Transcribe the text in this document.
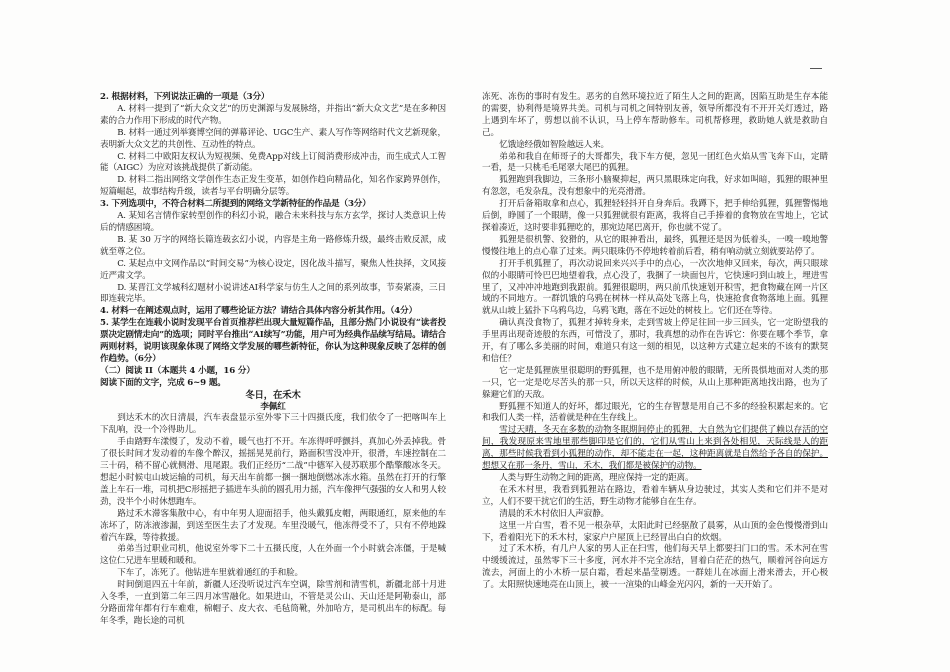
2. 根据材料，下列说法正确的一项是（3分）

A. 材料一提到了“新大众文艺”的历史渊源与发展脉络，并指出“新大众文艺”是在多种因素的合力作用下形成的时代产物。

B. 材料一通过列举赛博空间的弹幕评论、UGC生产、素人写作等网络时代文艺新现象，表明新大众文艺的共创性、互动性的特点。

C. 材料二中欧阳友权认为短视频、免费App对线上订阅消费形成冲击，而生成式人工智能（AIGC）为应对该挑战提供了新动能。

D. 材料二指出网络文学创作生态正发生变革，如创作趋向精品化，知名作家跨界创作，短篇崛起，故事结构升级，读者与平台明确分层等。

3. 下列选项中，不符合材料二所提到的网络文学新特征的作品是（3分）

A. 某知名言情作家转型创作的科幻小说，融合未来科技与东方玄学，探讨人类意识上传后的情感困境。

B. 某 30 万字的网络长篇连载玄幻小说，内容是主角一路修炼升级，最终击败反派，成就至尊之位。

C. 某起点中文网作品以“时间交易”为核心设定，因化战斗描写，聚焦人性抉择，文风接近严肃文学。

D. 某晋江文学城科幻题材小说讲述AI科学家与仿生人之间的系列故事，节奏紧凑，三日即连载完毕。

4. 材料一在阐述观点时，运用了哪些论证方法？请结合具体内容分析其作用。（4分）

5. 某学生在连载小说时发现平台首页推荐栏出现大量短篇作品，且部分热门小说设有“读者投票决定剧情走向”的选项；同时平台推出“AI续写”功能，用户可为经典作品续写结局。请结合两则材料，说明该现象体现了网络文学发展的哪些新特征，你认为这种现象反映了怎样的创作趋势。（6分）

（二）阅读 II（本题共 4 小题，16 分）

阅读下面的文字，完成 6~9 题。

冬日，在禾木

李佩红

到达禾木的次日清晨，汽车表盘显示室外零下三十四摄氏度，我们依令了一把喀叫车上下乱响，没一个冷得助儿。

手由踏野车漾慢了，发动不着，暖气也打不开。车冻得呼呼颤抖，真加心外丢掉我。骨了很长时间才发动着的车像个醉汉，摇摇晃晃前行，路面积雪没冲开，很滑，车速控制在二三十码，稍不留心就侧滑、甩尾跟。我们正经历“二战”中德军入侵苏联那个酷擎酸冰冬天。想起小时候屯山坡运输的司机，每天出车前都一捆一捆地倒燃冰冻水箱。虽然在打开的行擎盖上车石一堆，司机把C形摇把子插进车头前的圆孔用力摇，汽车像押气强强的女人和男人较劲，没半个小时休想跑车。

路过禾木滞客集散中心，有中年男人迎面招手，他头戴狐皮帽，两眼通红，原来他的车冻坏了，防冻液渗漏，到送至医生去了才发现。车里没暖气，他冻得受不了，只有不停地跺着汽车跺，等待救援。

弟弟当过职业司机，他说室外零下二十五摄氏度，人在外面一个小时就会冻僵，于是喊这位仁兄进车里暖和暖和。

下车了，冻死了。他钻进车里就着通红的手和脸。

时间倒退四五十年前，新疆人还没听说过汽车空调，除雪剂和清雪机，新疆北部十月进入冬季，一直到第二年三四月冰雪融化。如果进山，不管是灵公山、天山还是阿勒泰山，部分路面常年都有行车难难，棉帽子、皮大衣、毛毡筒靴，外加哈方，是司机出车的标配。每年冬季，跑长途的司机

冻死、冻伤的事时有发生。恶劣的自然环境拉近了陌生人之间的距离，因陷互助是生存本能的需要，协利得是境界共美。司机与司机之间特别友善，领导所都没有不开开关灯透过，路上遇到车坏了，剪想以前不认识，马上停车帮助修车。司机帮修理，救助她人就是救助自己。

忆饿途经俄如智险越远人来。

弟弟和我自在师哥子的大哥都失，我下车方便，忽见一团红色火焰从雪飞奔下山，定睛一看，是一只桃毛毛尾翠大尾巴的狐狸。

狐狸跑到我脚边，三条形小脑聚抑起，两只黑眼珠定向我，好求如叫暗，狐狸的眼神里有忽忽，毛发杂乱，没有想象中的光亮滑滑。

打开后备箱取拿和点心，狐狸轻轻抖开自身奔后。我蹲下，把手伸给狐狸，狐狸警惕地后倒，睁圆了一个眼睛，像一只狐狸就很有距离，我将自己手捧着的食物放在雪地上，它试探着凑近，这时要非狐狸吃的，那宛边尾巴离开，你也就不觉了。

狐狸是很机警、狡猾的，从它的眼神看出，最终，狐狸还是因为低着头，一嗅一嗅地警慢慢往地上的点心靠了过来。两只眼珠仍不停地转着前后看，稍有响动就立刻就要站停了。

打开手机狐狸了，再次动说回来兴兴手中的点心，一次次地伸又回来，每次，两只眼球似的小眼睛可怜巴巴地望着我，点心没了，我捆了一块面包片，它快速叼到山坡上，埋进雪里了，又冲冲冲地跑到我跟前。狐狸很聪明，两只前爪快速划开积雪，把食物藏在网一片区域的不同地方。一群饥饿的乌鸦在树林一样从高处飞落上鸟，快速抢食食物落地上面。狐狸就从山坡上猛扑下乌鸦鸟边，乌鸦飞跑，落在不远处的树枝上。它们还在等待。

确认真没食物了，狐狸才掉转身来，走到雪坡上停足往回一步三回头，它一定盼望我的手里再出现奇迹般的东西，可惜没了，那时，我真想的动作在告诉它：你要在哪个季节，拿开，有了哪么多美丽的时间，难道只有这一刻的相见，以这种方式建立起来的不该有的默契和信任？

它一定是狐狸族里很聪明的野狐狸，也不是用俯冲般的眼睛，无所畏惧地面对人类的那一只，它一定是吃尽苦头的那一只，所以天这样的时候，从山上那种距离地找出路，也为了躲避它们的天敌。

野狐狸不知道人的好坏，都过眼光，它的生存智慧是用自己不多的经验积累起来的。它和我们人类一样，活着就是种在生存线上。

雪过天晴，冬天在多数的动物冬眠期间停止的狐狸，大自然为它们提供了赖以存活的空间，我发现原来雪地里那些脚印是它们的，它们从雪山上来到各处相见，天际线是人的距离，那些时候我看到小狐狸的动作，却不能走在一起，这种距离就是自然给予各自的保护。想想又在那一条丹，雪山，禾木，我们都是被保护的动物。

人类与野生动物之间的距离，理应保持一定的距离。

在禾木村里，我看到狐狸站在路边，看着车辆从身边驶过，其实人类和它们并不是对立，人们不要干扰它们的生活，野生动物才能够自在生存。

清晨的禾木村依旧人声寂静。

这里一片白雪，看不见一根杂草，太阳此时已经驱散了晨雾，从山顶的金色慢慢滑到山下，看着阳光下的禾木村，家家户户屋顶上已经冒出白白的炊烟。

过了禾木桥，有几户人家的男人正在扫雪，他们每天早上都要扫门口的雪。禾木河在雪中缓缓流过，虽然零下三十多度，河水并不完全冻结，冒着白茫茫的热气，顺着河谷向远方流去，河面上的小木桥一层白霜，看起来晶莹剔透。一群娃儿在冰面上滑来滑去，开心极了。太阳照快速地亮在山顶上，被一一渲染的山峰金光闪闪，新的一天开始了。
